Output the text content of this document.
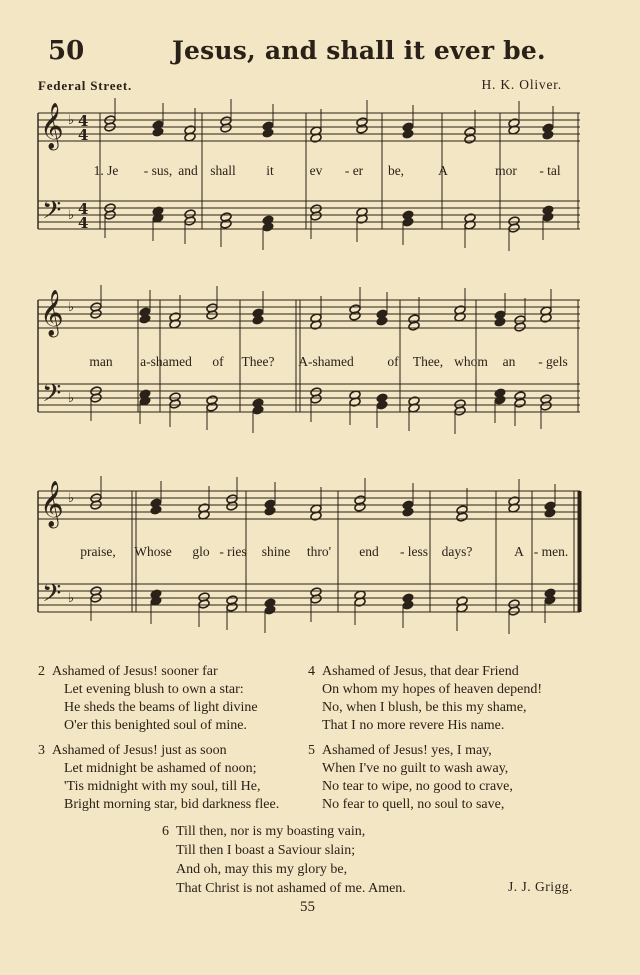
50	Jesus, and shall it ever be.
Federal Street.	H. K. Oliver.
𝄞
𝄢
♭
♭
4
4
4
4
𝄞
𝄢
♭
♭
𝄞
𝄢
♭
♭
1. Je - sus, and shall it	ev - er be,	A	mor - tal
man a-shamed of Thee? A-shamed of Thee, whom an - gels
praise, Whose glo - ries shine thro' end - less days?	A - men.
2 Ashamed of Jesus! sooner far
Let evening blush to own a star:
He sheds the beams of light divine
O'er this benighted soul of mine.
4 Ashamed of Jesus, that dear Friend
On whom my hopes of heaven depend!
No, when I blush, be this my shame,
That I no more revere His name.
3 Ashamed of Jesus! just as soon
Let midnight be ashamed of noon;
'Tis midnight with my soul, till He,
Bright morning star, bid darkness flee.
5 Ashamed of Jesus! yes, I may,
When I've no guilt to wash away,
No tear to wipe, no good to crave,
No fear to quell, no soul to save,
6 Till then, nor is my boasting vain,
Till then I boast a Saviour slain;
And oh, may this my glory be,
That Christ is not ashamed of me. Amen.	J. J. Grigg.
55
